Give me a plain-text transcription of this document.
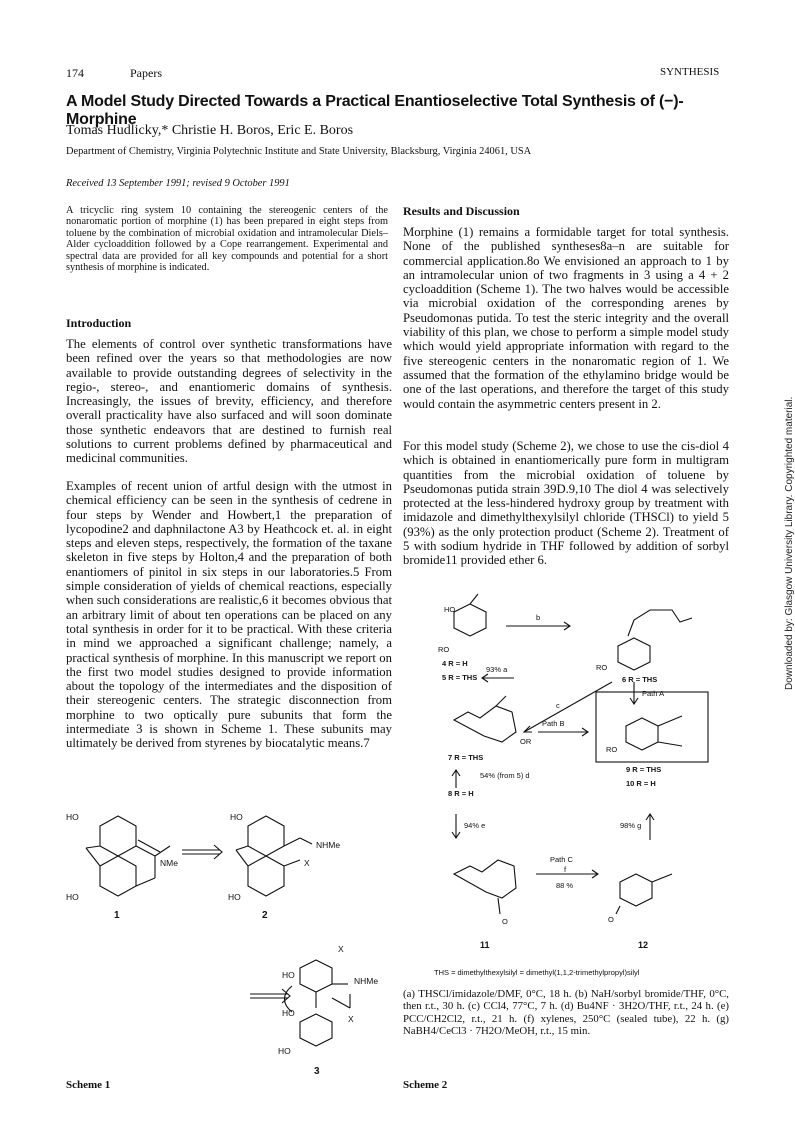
174	Papers	SYNTHESIS
A Model Study Directed Towards a Practical Enantioselective Total Synthesis of (−)-Morphine
Tomas Hudlicky,* Christie H. Boros, Eric E. Boros
Department of Chemistry, Virginia Polytechnic Institute and State University, Blacksburg, Virginia 24061, USA
Received 13 September 1991; revised 9 October 1991
A tricyclic ring system 10 containing the stereogenic centers of the nonaromatic portion of morphine (1) has been prepared in eight steps from toluene by the combination of microbial oxidation and intramolecular Diels–Alder cycloaddition followed by a Cope rearrangement. Experimental and spectral data are provided for all key compounds and potential for a short synthesis of morphine is indicated.
Introduction

The elements of control over synthetic transformations have been refined over the years so that methodologies are now available to provide outstanding degrees of selectivity in the regio-, stereo-, and enantiomeric domains of synthesis. Increasingly, the issues of brevity, efficiency, and therefore overall practicality have also surfaced and will soon dominate those synthetic endeavors that are destined to furnish real solutions to current problems defined by pharmaceutical and medicinal communities.

Examples of recent union of artful design with the utmost in chemical efficiency can be seen in the synthesis of cedrene in four steps by Wender and Howbert,1 the preparation of lycopodine2 and daphnilactone A3 by Heathcock et. al. in eight steps and eleven steps, respectively, the formation of the taxane skeleton in five steps by Holton,4 and the preparation of both enantiomers of pinitol in six steps in our laboratories.5 From simple consideration of yields of chemical reactions, especially when such considerations are realistic,6 it becomes obvious that an arbitrary limit of about ten operations can be placed on any total synthesis in order for it to be practical. With these criteria in mind we approached a significant challenge; namely, a practical synthesis of morphine. In this manuscript we report on the first two model studies designed to provide information about the topology of the intermediates and the disposition of their stereogenic centers. The strategic disconnection from morphine to two optically pure subunits that form the intermediate 3 is shown in Scheme 1. These subunits may ultimately be derived from styrenes by biocatalytic means.7

HO
NMe
HO
1
HO
NHMe
X
HO
2
X
HO
NHMe
HO
X
HO
3
Scheme 1
Results and Discussion

Morphine (1) remains a formidable target for total synthesis. None of the published syntheses8a–n are suitable for commercial application.8o We envisioned an approach to 1 by an intramolecular union of two fragments in 3 using a 4 + 2 cycloaddition (Scheme 1). The two halves would be accessible via microbial oxidation of the corresponding arenes by Pseudomonas putida. To test the steric integrity and the overall viability of this plan, we chose to perform a simple model study which would yield appropriate information with regard to the five stereogenic centers in the nonaromatic region of 1. We assumed that the formation of the ethylamino bridge would be one of the last operations, and therefore the target of this study would contain the asymmetric centers present in 2.

For this model study (Scheme 2), we chose to use the cis-diol 4 which is obtained in enantiomerically pure form in multigram quantities from the microbial oxidation of toluene by Pseudomonas putida strain 39D.9,10 The diol 4 was selectively protected at the less-hindered hydroxy group by treatment with imidazole and dimethylthexylsilyl chloride (THSCl) to yield 5 (93%) as the only protection product (Scheme 2). Treatment of 5 with sodium hydride in THF followed by addition of sorbyl bromide11 provided ether 6.

HO
RO
4 R = H
5 R = THS
93% a
b
c
RO
6 R = THS
Path A
Path B
OR
7 R = THS
8 R = H
54% (from 5) d
RO
9 R = THS
10 R = H
94% e	98% g
Path C
f
88 %
O	O
11	12
THS = dimethylthexylsilyl = dimethyl(1,1,2-trimethylpropyl)silyl
(a) THSCl/imidazole/DMF, 0°C, 18 h. (b) NaH/sorbyl bromide/THF, 0°C, then r.t., 30 h. (c) CCl4, 77°C, 7 h. (d) Bu4NF · 3H2O/THF, r.t., 24 h. (e) PCC/CH2Cl2, r.t., 21 h. (f) xylenes, 250°C (sealed tube), 22 h. (g) NaBH4/CeCl3 · 7H2O/MeOH, r.t., 15 min.
Scheme 2
Downloaded by: Glasgow University Library. Copyrighted material.
